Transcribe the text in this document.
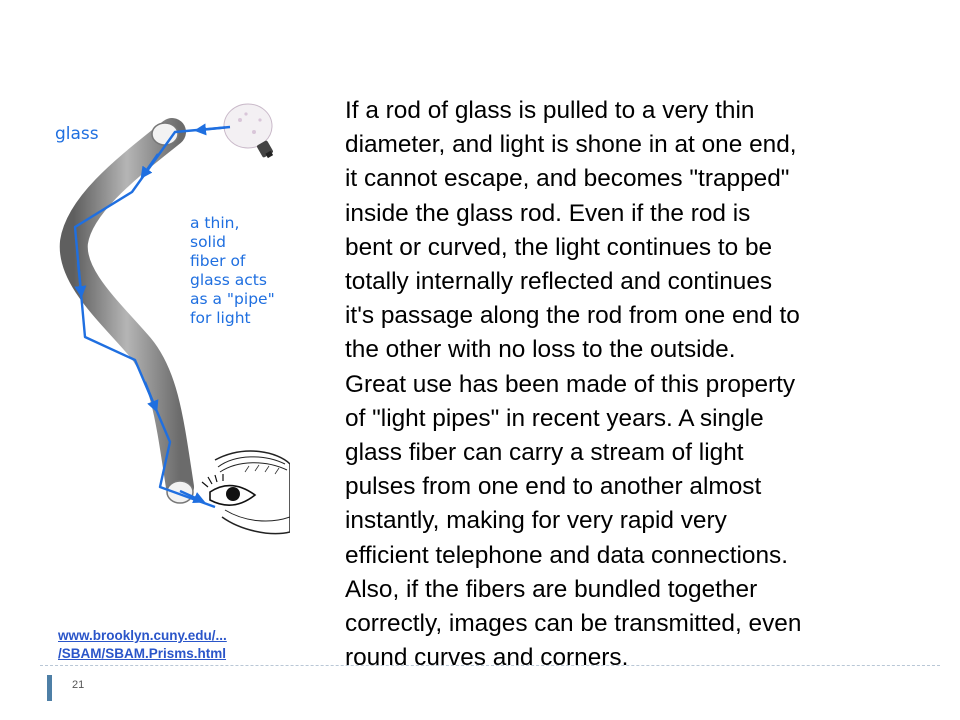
glass
a thin,
solid
fiber of
glass acts
as a "pipe"
for light

If a rod of glass is pulled to a very thin
diameter, and light is shone in at one end,
it cannot escape, and becomes "trapped"
inside the glass rod. Even if the rod is
bent or curved, the light continues to be
totally internally reflected and continues
it's passage along the rod from one end to
the other with no loss to the outside.
Great use has been made of this property
of "light pipes" in recent years. A single
glass fiber can carry a stream of light
pulses from one end to another almost
instantly, making for very rapid very
efficient telephone and data connections.
Also, if the fibers are bundled together
correctly, images can be transmitted, even
round curves and corners.

www.brooklyn.cuny.edu/...
/SBAM/SBAM.Prisms.html
21
